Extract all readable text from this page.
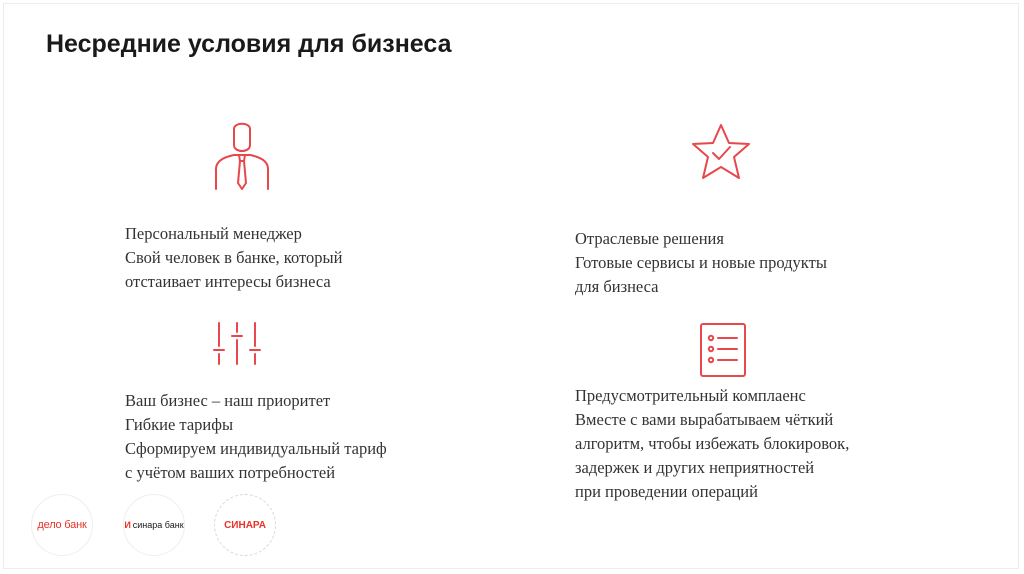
Несредние условия для бизнеса
Персональный менеджер
Свой человек в банке, который
отстаивает интересы бизнеса
Отраслевые решения
Готовые сервисы и новые продукты
для бизнеса
Ваш бизнес – наш приоритет
Гибкие тарифы
Сформируем индивидуальный тариф
с учётом ваших потребностей
Предусмотрительный комплаенс
Вместе с вами вырабатываем чёткий
алгоритм, чтобы избежать блокировок,
задержек и других неприятностей
при проведении операций
дело банк	И синара банк	СИНАРА
